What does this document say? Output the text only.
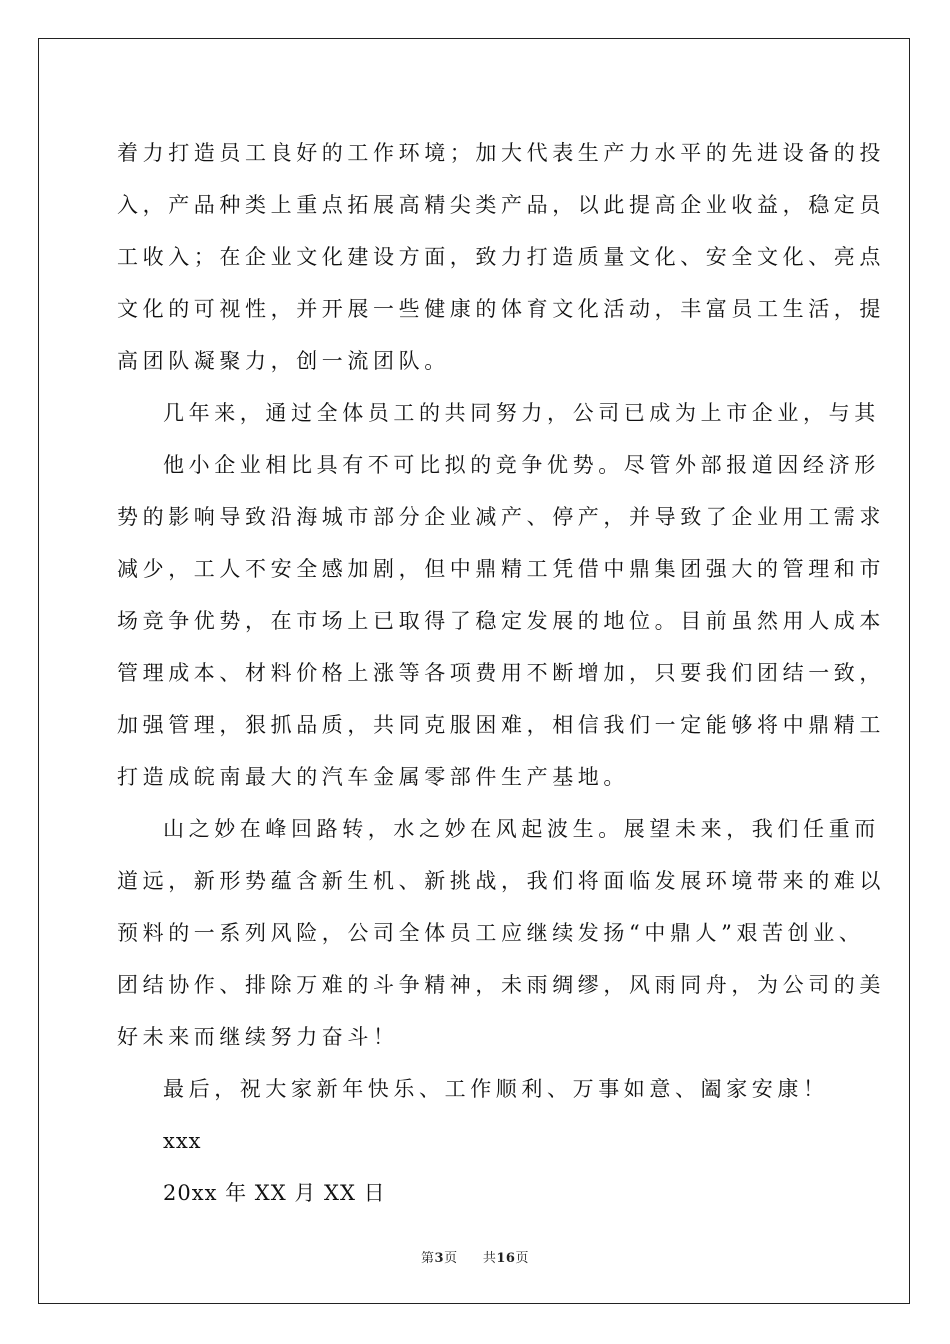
着力打造员工良好的工作环境；加大代表生产力水平的先进设备的投
入，产品种类上重点拓展高精尖类产品，以此提高企业收益，稳定员
工收入；在企业文化建设方面，致力打造质量文化、安全文化、亮点
文化的可视性，并开展一些健康的体育文化活动，丰富员工生活，提
高团队凝聚力，创一流团队。
几年来，通过全体员工的共同努力，公司已成为上市企业，与其
他小企业相比具有不可比拟的竞争优势。尽管外部报道因经济形
势的影响导致沿海城市部分企业减产、停产，并导致了企业用工需求
减少，工人不安全感加剧，但中鼎精工凭借中鼎集团强大的管理和市
场竞争优势，在市场上已取得了稳定发展的地位。目前虽然用人成本
管理成本、材料价格上涨等各项费用不断增加，只要我们团结一致，
加强管理，狠抓品质，共同克服困难，相信我们一定能够将中鼎精工
打造成皖南最大的汽车金属零部件生产基地。
山之妙在峰回路转，水之妙在风起波生。展望未来，我们任重而
道远，新形势蕴含新生机、新挑战，我们将面临发展环境带来的难以
预料的一系列风险，公司全体员工应继续发扬“中鼎人”艰苦创业、
团结协作、排除万难的斗争精神，未雨绸缪，风雨同舟，为公司的美
好未来而继续努力奋斗！
最后，祝大家新年快乐、工作顺利、万事如意、阖家安康！
xxx
20xx 年 XX 月 XX 日
第3页 共16页
